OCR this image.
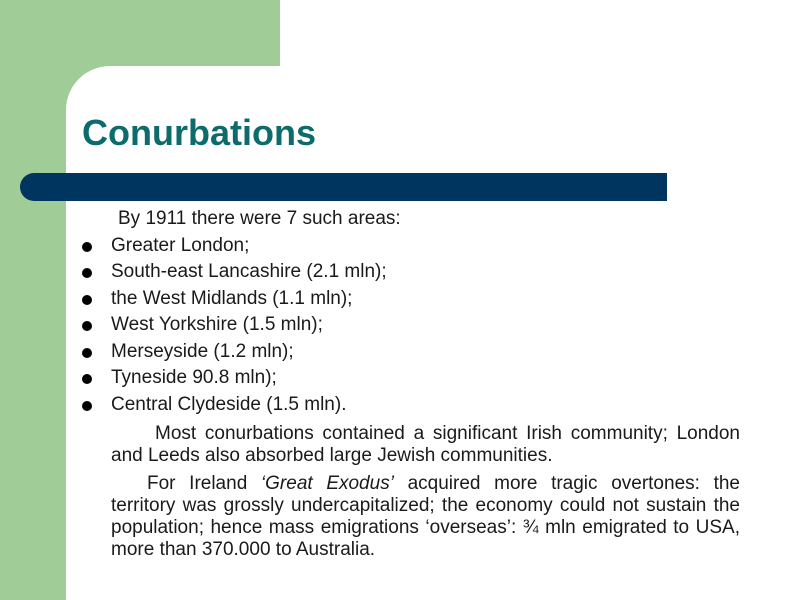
Conurbations

By 1911 there were 7 such areas:

Greater London;
South-east Lancashire (2.1 mln);
the West Midlands (1.1 mln);
West Yorkshire (1.5 mln);
Merseyside (1.2 mln);
Tyneside 90.8 mln);
Central Clydeside (1.5 mln).

Most conurbations contained a significant Irish community; London and Leeds also absorbed large Jewish communities.

For Ireland ‘Great Exodus’ acquired more tragic overtones: the territory was grossly undercapitalized; the economy could not sustain the population; hence mass emigrations ‘overseas’: ¾ mln emigrated to USA, more than 370.000 to Australia.
